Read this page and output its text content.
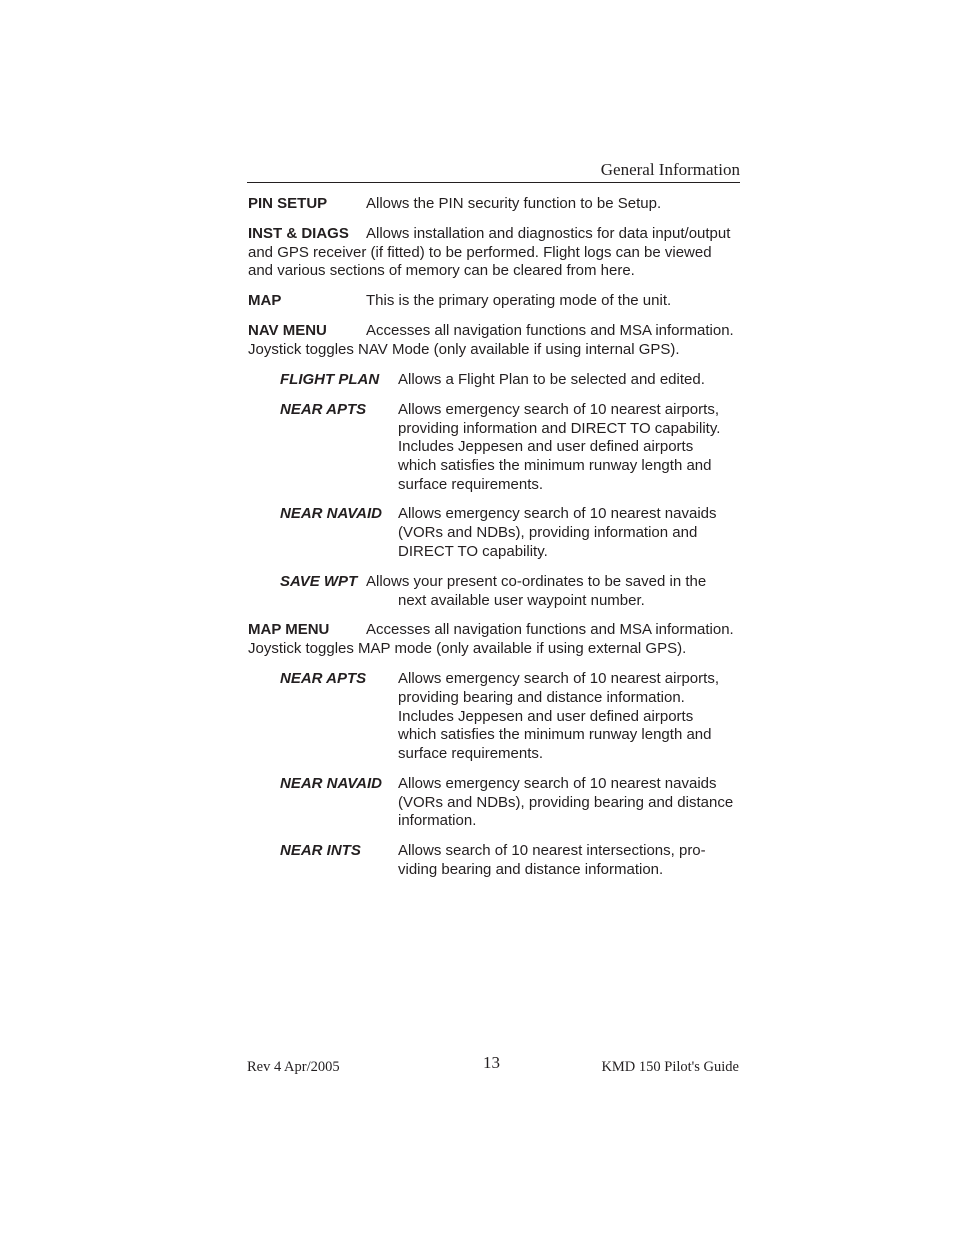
General Information
PIN SETUP	Allows the PIN security function to be Setup.
INST & DIAGS Allows installation and diagnostics for data input/output
and GPS receiver (if fitted) to be performed. Flight logs can be viewed
and various sections of memory can be cleared from here.
MAP	This is the primary operating mode of the unit.
NAV MENU	Accesses all navigation functions and MSA information.
Joystick toggles NAV Mode (only available if using internal GPS).
FLIGHT PLAN Allows a Flight Plan to be selected and edited.
NEAR APTS Allows emergency search of 10 nearest airports,
providing information and DIRECT TO capability.
Includes Jeppesen and user defined airports
which satisfies the minimum runway length and
surface requirements.
NEAR NAVAID Allows emergency search of 10 nearest navaids
(VORs and NDBs), providing information and
DIRECT TO capability.
SAVE WPT Allows your present co-ordinates to be saved in the
next available user waypoint number.
MAP MENU Accesses all navigation functions and MSA information.
Joystick toggles MAP mode (only available if using external GPS).
NEAR APTS Allows emergency search of 10 nearest airports,
providing bearing and distance information.
Includes Jeppesen and user defined airports
which satisfies the minimum runway length and
surface requirements.
NEAR NAVAID Allows emergency search of 10 nearest navaids
(VORs and NDBs), providing bearing and distance
information.
NEAR INTS Allows search of 10 nearest intersections, pro-
viding bearing and distance information.
Rev 4 Apr/2005	13	KMD 150 Pilot's Guide
